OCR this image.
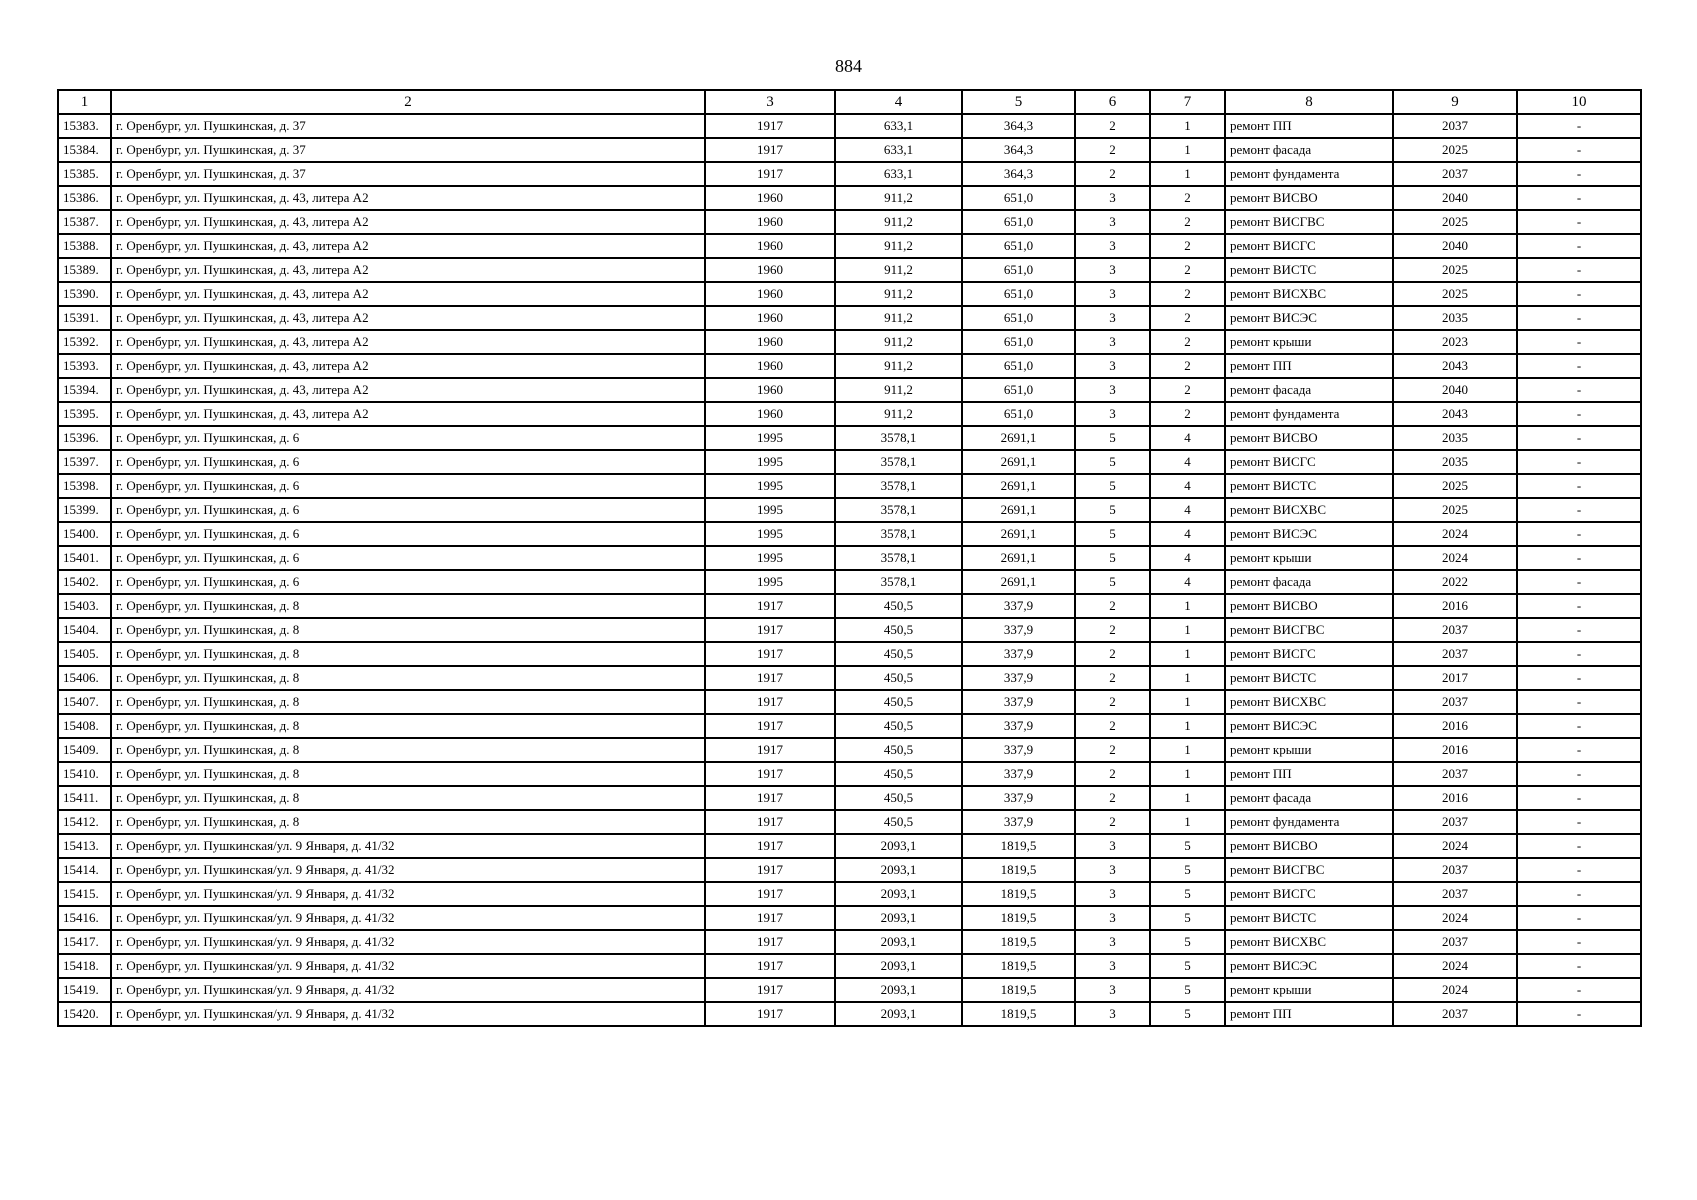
884
1	2	3	4	5	6	7	8	9	10
15383.	г. Оренбург, ул. Пушкинская, д. 37	1917	633,1	364,3	2	1	ремонт ПП	2037	-
15384.	г. Оренбург, ул. Пушкинская, д. 37	1917	633,1	364,3	2	1	ремонт фасада	2025	-
15385.	г. Оренбург, ул. Пушкинская, д. 37	1917	633,1	364,3	2	1	ремонт фундамента	2037	-
15386.	г. Оренбург, ул. Пушкинская, д. 43, литера А2	1960	911,2	651,0	3	2	ремонт ВИСВО	2040	-
15387.	г. Оренбург, ул. Пушкинская, д. 43, литера А2	1960	911,2	651,0	3	2	ремонт ВИСГВС	2025	-
15388.	г. Оренбург, ул. Пушкинская, д. 43, литера А2	1960	911,2	651,0	3	2	ремонт ВИСГС	2040	-
15389.	г. Оренбург, ул. Пушкинская, д. 43, литера А2	1960	911,2	651,0	3	2	ремонт ВИСТС	2025	-
15390.	г. Оренбург, ул. Пушкинская, д. 43, литера А2	1960	911,2	651,0	3	2	ремонт ВИСХВС	2025	-
15391.	г. Оренбург, ул. Пушкинская, д. 43, литера А2	1960	911,2	651,0	3	2	ремонт ВИСЭС	2035	-
15392.	г. Оренбург, ул. Пушкинская, д. 43, литера А2	1960	911,2	651,0	3	2	ремонт крыши	2023	-
15393.	г. Оренбург, ул. Пушкинская, д. 43, литера А2	1960	911,2	651,0	3	2	ремонт ПП	2043	-
15394.	г. Оренбург, ул. Пушкинская, д. 43, литера А2	1960	911,2	651,0	3	2	ремонт фасада	2040	-
15395.	г. Оренбург, ул. Пушкинская, д. 43, литера А2	1960	911,2	651,0	3	2	ремонт фундамента	2043	-
15396.	г. Оренбург, ул. Пушкинская, д. 6	1995	3578,1	2691,1	5	4	ремонт ВИСВО	2035	-
15397.	г. Оренбург, ул. Пушкинская, д. 6	1995	3578,1	2691,1	5	4	ремонт ВИСГС	2035	-
15398.	г. Оренбург, ул. Пушкинская, д. 6	1995	3578,1	2691,1	5	4	ремонт ВИСТС	2025	-
15399.	г. Оренбург, ул. Пушкинская, д. 6	1995	3578,1	2691,1	5	4	ремонт ВИСХВС	2025	-
15400.	г. Оренбург, ул. Пушкинская, д. 6	1995	3578,1	2691,1	5	4	ремонт ВИСЭС	2024	-
15401.	г. Оренбург, ул. Пушкинская, д. 6	1995	3578,1	2691,1	5	4	ремонт крыши	2024	-
15402.	г. Оренбург, ул. Пушкинская, д. 6	1995	3578,1	2691,1	5	4	ремонт фасада	2022	-
15403.	г. Оренбург, ул. Пушкинская, д. 8	1917	450,5	337,9	2	1	ремонт ВИСВО	2016	-
15404.	г. Оренбург, ул. Пушкинская, д. 8	1917	450,5	337,9	2	1	ремонт ВИСГВС	2037	-
15405.	г. Оренбург, ул. Пушкинская, д. 8	1917	450,5	337,9	2	1	ремонт ВИСГС	2037	-
15406.	г. Оренбург, ул. Пушкинская, д. 8	1917	450,5	337,9	2	1	ремонт ВИСТС	2017	-
15407.	г. Оренбург, ул. Пушкинская, д. 8	1917	450,5	337,9	2	1	ремонт ВИСХВС	2037	-
15408.	г. Оренбург, ул. Пушкинская, д. 8	1917	450,5	337,9	2	1	ремонт ВИСЭС	2016	-
15409.	г. Оренбург, ул. Пушкинская, д. 8	1917	450,5	337,9	2	1	ремонт крыши	2016	-
15410.	г. Оренбург, ул. Пушкинская, д. 8	1917	450,5	337,9	2	1	ремонт ПП	2037	-
15411.	г. Оренбург, ул. Пушкинская, д. 8	1917	450,5	337,9	2	1	ремонт фасада	2016	-
15412.	г. Оренбург, ул. Пушкинская, д. 8	1917	450,5	337,9	2	1	ремонт фундамента	2037	-
15413.	г. Оренбург, ул. Пушкинская/ул. 9 Января, д. 41/32	1917	2093,1	1819,5	3	5	ремонт ВИСВО	2024	-
15414.	г. Оренбург, ул. Пушкинская/ул. 9 Января, д. 41/32	1917	2093,1	1819,5	3	5	ремонт ВИСГВС	2037	-
15415.	г. Оренбург, ул. Пушкинская/ул. 9 Января, д. 41/32	1917	2093,1	1819,5	3	5	ремонт ВИСГС	2037	-
15416.	г. Оренбург, ул. Пушкинская/ул. 9 Января, д. 41/32	1917	2093,1	1819,5	3	5	ремонт ВИСТС	2024	-
15417.	г. Оренбург, ул. Пушкинская/ул. 9 Января, д. 41/32	1917	2093,1	1819,5	3	5	ремонт ВИСХВС	2037	-
15418.	г. Оренбург, ул. Пушкинская/ул. 9 Января, д. 41/32	1917	2093,1	1819,5	3	5	ремонт ВИСЭС	2024	-
15419.	г. Оренбург, ул. Пушкинская/ул. 9 Января, д. 41/32	1917	2093,1	1819,5	3	5	ремонт крыши	2024	-
15420.	г. Оренбург, ул. Пушкинская/ул. 9 Января, д. 41/32	1917	2093,1	1819,5	3	5	ремонт ПП	2037	-
